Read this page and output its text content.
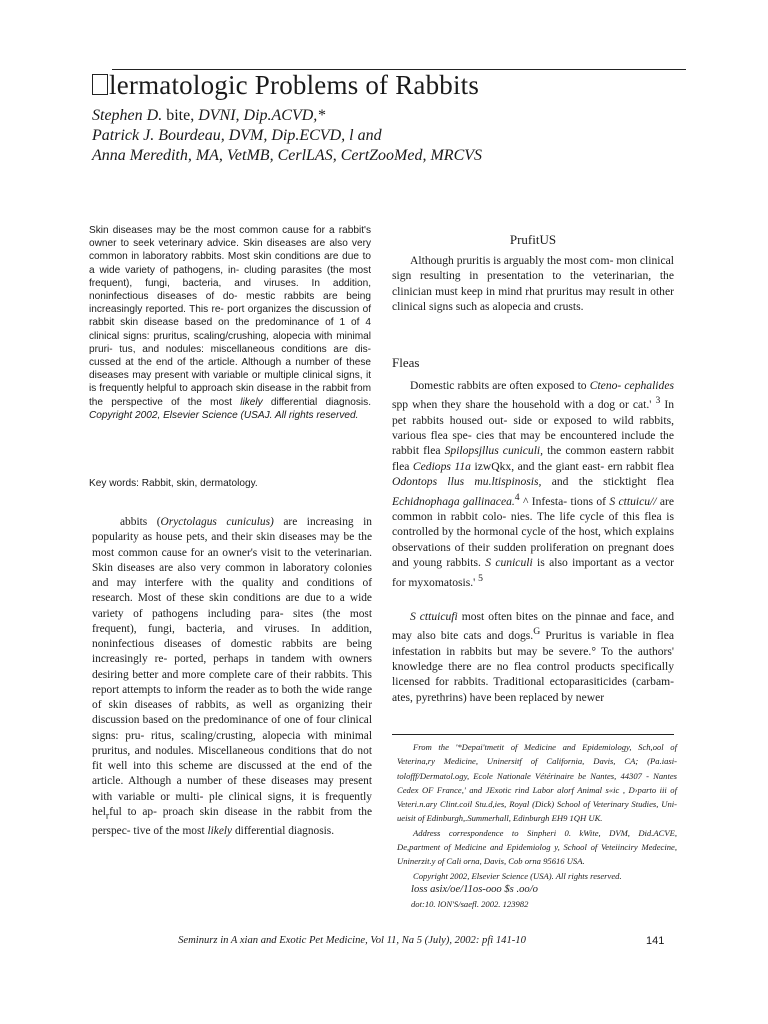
lermatologic Problems of Rabbits
Stephen D. bite, DVNI, Dip.ACVD,*
Patrick J. Bourdeau, DVM, Dip.ECVD, l and
Anna Meredith, MA, VetMB, CerlLAS, CertZooMed, MRCVS
Skin diseases may be the most common cause for a rabbit's owner to seek veterinary advice. Skin diseases are also very common in laboratory rabbits. Most skin conditions are due to a wide variety of pathogens, in- cluding parasites (the most frequent), fungi, bacteria, and viruses. In addition, noninfectious diseases of do- mestic rabbits are being increasingly reported. This re- port organizes the discussion of rabbit skin disease based on the predominance of 1 of 4 clinical signs: pruritus, scaling/crushing, alopecia with minimal pruri- tus, and nodules: miscellaneous conditions are dis- cussed at the end of the article. Although a number of these diseases may present with variable or multiple clinical signs, it is frequently helpful to approach skin disease in the rabbit from the perspective of the most likely differential diagnosis. Copyright 2002, Elsevier Science (USAJ. All rights reserved.
Key words: Rabbit, skin, dermatology.
abbits (Oryctolagus cuniculus) are increasing in popularity as house pets, and their skin diseases may be the most common cause for an owner's visit to the veterinarian. Skin diseases are also very common in laboratory colonies and may interfere with the quality and conditions of research. Most of these skin conditions are due to a wide variety of pathogens including para- sites (the most frequent), fungi, bacteria, and viruses. In addition, noninfectious diseases of domestic rabbits are being increasingly re- ported, perhaps in tandem with owners desiring better and more complete care of their rabbits. This report attempts to inform the reader as to both the wide range of skin diseases of rabbits, as well as organizing their discussion based on the predominance of one of four clinical signs: pru- ritus, scaling/crusting, alopecia with minimal pruritus, and nodules. Miscellaneous conditions that do not fit well into this scheme are discussed at the end of the article. Although a number of these diseases may present with variable or multi- ple clinical signs, it is frequently hel$_r$ful to ap- proach skin disease in the rabbit from the perspec- tive of the most likely differential diagnosis.
PrufitUS
Although pruritis is arguably the most com- mon clinical sign resulting in presentation to the veterinarian, the clinician must keep in mind rhat pruritus may result in other clinical signs such as alopecia and crusts.
Fleas
Domestic rabbits are often exposed to Cteno- cephalides spp when they share the household with a dog or cat.' $^3$ In pet rabbits housed out- side or exposed to wild rabbits, various flea spe- cies that may be encountered include the rabbit flea Spilopsjllus cuniculi, the common eastern rabbit flea Cediops 11a izwQkx, and the giant east- ern rabbit flea Odontops llus mu.ltispinosis, and the sticktight flea Echidnophaga gallinacea.$^4$ ^ Infesta- tions of S cttuicu// are common in rabbit colo- nies. The life cycle of this flea is controlled by the hormonal cycle of the host, which explains observations of their sudden proliferation on pregnant does and young rabbits. S cuniculi is also important as a vector for myxomatosis.' $^5$
S cttuicufi most often bites on the pinnae and face, and may also bite cats and dogs.$^G$ Pruritus is variable in flea infestation in rabbits but may be severe.° To the authors' knowledge there are no flea control products specifically licensed for rabbits. Traditional ectoparasiticides (carbam- ates, pyrethrins) have been replaced by newer
From the '*Depai'tmetit of Medicine and Epidemiology, Sch,ool of Veterina,ry Medicine, Uninersitf of California, Davis, CA; (Pa.iasi- tolofff/Dermatol.ogy, Ecole Nationale Vétérinaire be Nantes, 44307 - Nantes Cedex OF France,' and JExotic rind Labor alorf Animal s«ic , D›parto iii of Veteri.n.ary Clint.coil Stu.d,ies, Royal (Dick) School of Veterinary Studies, Uni-ueisit of Edinburgh,.Summerhall, Edinburgh EH9 1QH UK.
Address correspondence to Sinpheri 0. kWite, DVM, Did.ACVE, De,partment of Medicine and Epidemiolog y, School of Veteiinciry Medecine, Uninerzit.y of Cali orna, Davis, Cob orna 95616 USA.
Copyright 2002, Elsevier Science (USA). All rights reserved.
loss asix/oe/11os-ooo $s .oo/o
dot:10. lON'S/saefl. 2002. 123982
Seminurz in A xian and Exotic Pet Medicine, Vol 11, Na 5 (July), 2002: pfi 141-10	141
